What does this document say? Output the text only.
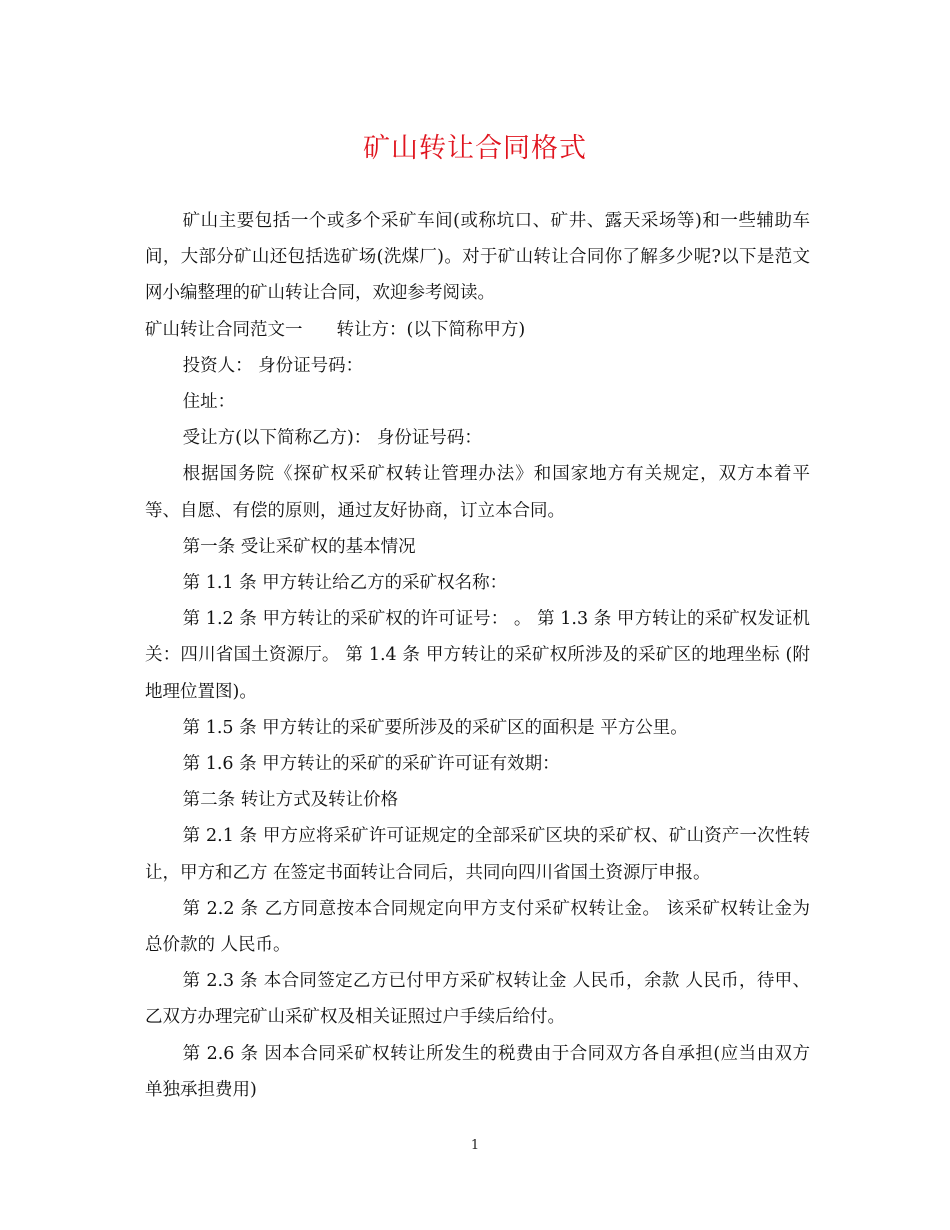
矿山转让合同格式

矿山主要包括一个或多个采矿车间(或称坑口、矿井、露天采场等)和一些辅助车间，大部分矿山还包括选矿场(洗煤厂)。对于矿山转让合同你了解多少呢?以下是范文网小编整理的矿山转让合同，欢迎参考阅读。

矿山转让合同范文一 转让方：(以下简称甲方)

投资人： 身份证号码：

住址：

受让方(以下简称乙方)： 身份证号码：

根据国务院《探矿权采矿权转让管理办法》和国家地方有关规定，双方本着平等、自愿、有偿的原则，通过友好协商，订立本合同。

第一条 受让采矿权的基本情况

第 1.1 条 甲方转让给乙方的采矿权名称：

第 1.2 条 甲方转让的采矿权的许可证号： 。 第 1.3 条 甲方转让的采矿权发证机关：四川省国土资源厅。 第 1.4 条 甲方转让的采矿权所涉及的采矿区的地理坐标 (附地理位置图)。

第 1.5 条 甲方转让的采矿要所涉及的采矿区的面积是 平方公里。

第 1.6 条 甲方转让的采矿的采矿许可证有效期：

第二条 转让方式及转让价格

第 2.1 条 甲方应将采矿许可证规定的全部采矿区块的采矿权、矿山资产一次性转让，甲方和乙方 在签定书面转让合同后，共同向四川省国土资源厅申报。

第 2.2 条 乙方同意按本合同规定向甲方支付采矿权转让金。 该采矿权转让金为总价款的 人民币。

第 2.3 条 本合同签定乙方已付甲方采矿权转让金 人民币，余款 人民币，待甲、乙双方办理完矿山采矿权及相关证照过户手续后给付。

第 2.6 条 因本合同采矿权转让所发生的税费由于合同双方各自承担(应当由双方单独承担费用)

1
